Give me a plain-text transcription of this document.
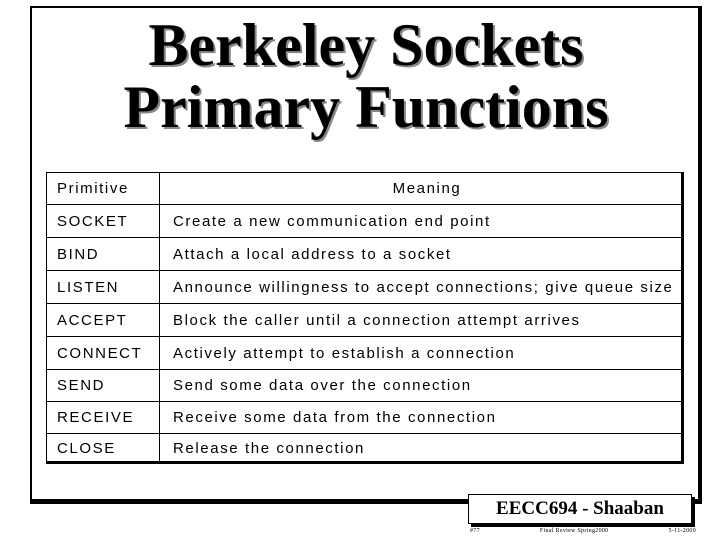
Berkeley Sockets
Primary Functions
Primitive	Meaning
SOCKET	Create a new communication end point
BIND	Attach a local address to a socket
LISTEN	Announce willingness to accept connections; give queue size
ACCEPT	Block the caller until a connection attempt arrives
CONNECT	Actively attempt to establish a connection
SEND	Send some data over the connection
RECEIVE	Receive some data from the connection
CLOSE	Release the connection
EECC694 - Shaaban
#77	Final Review Spring2000	5-11-2000
